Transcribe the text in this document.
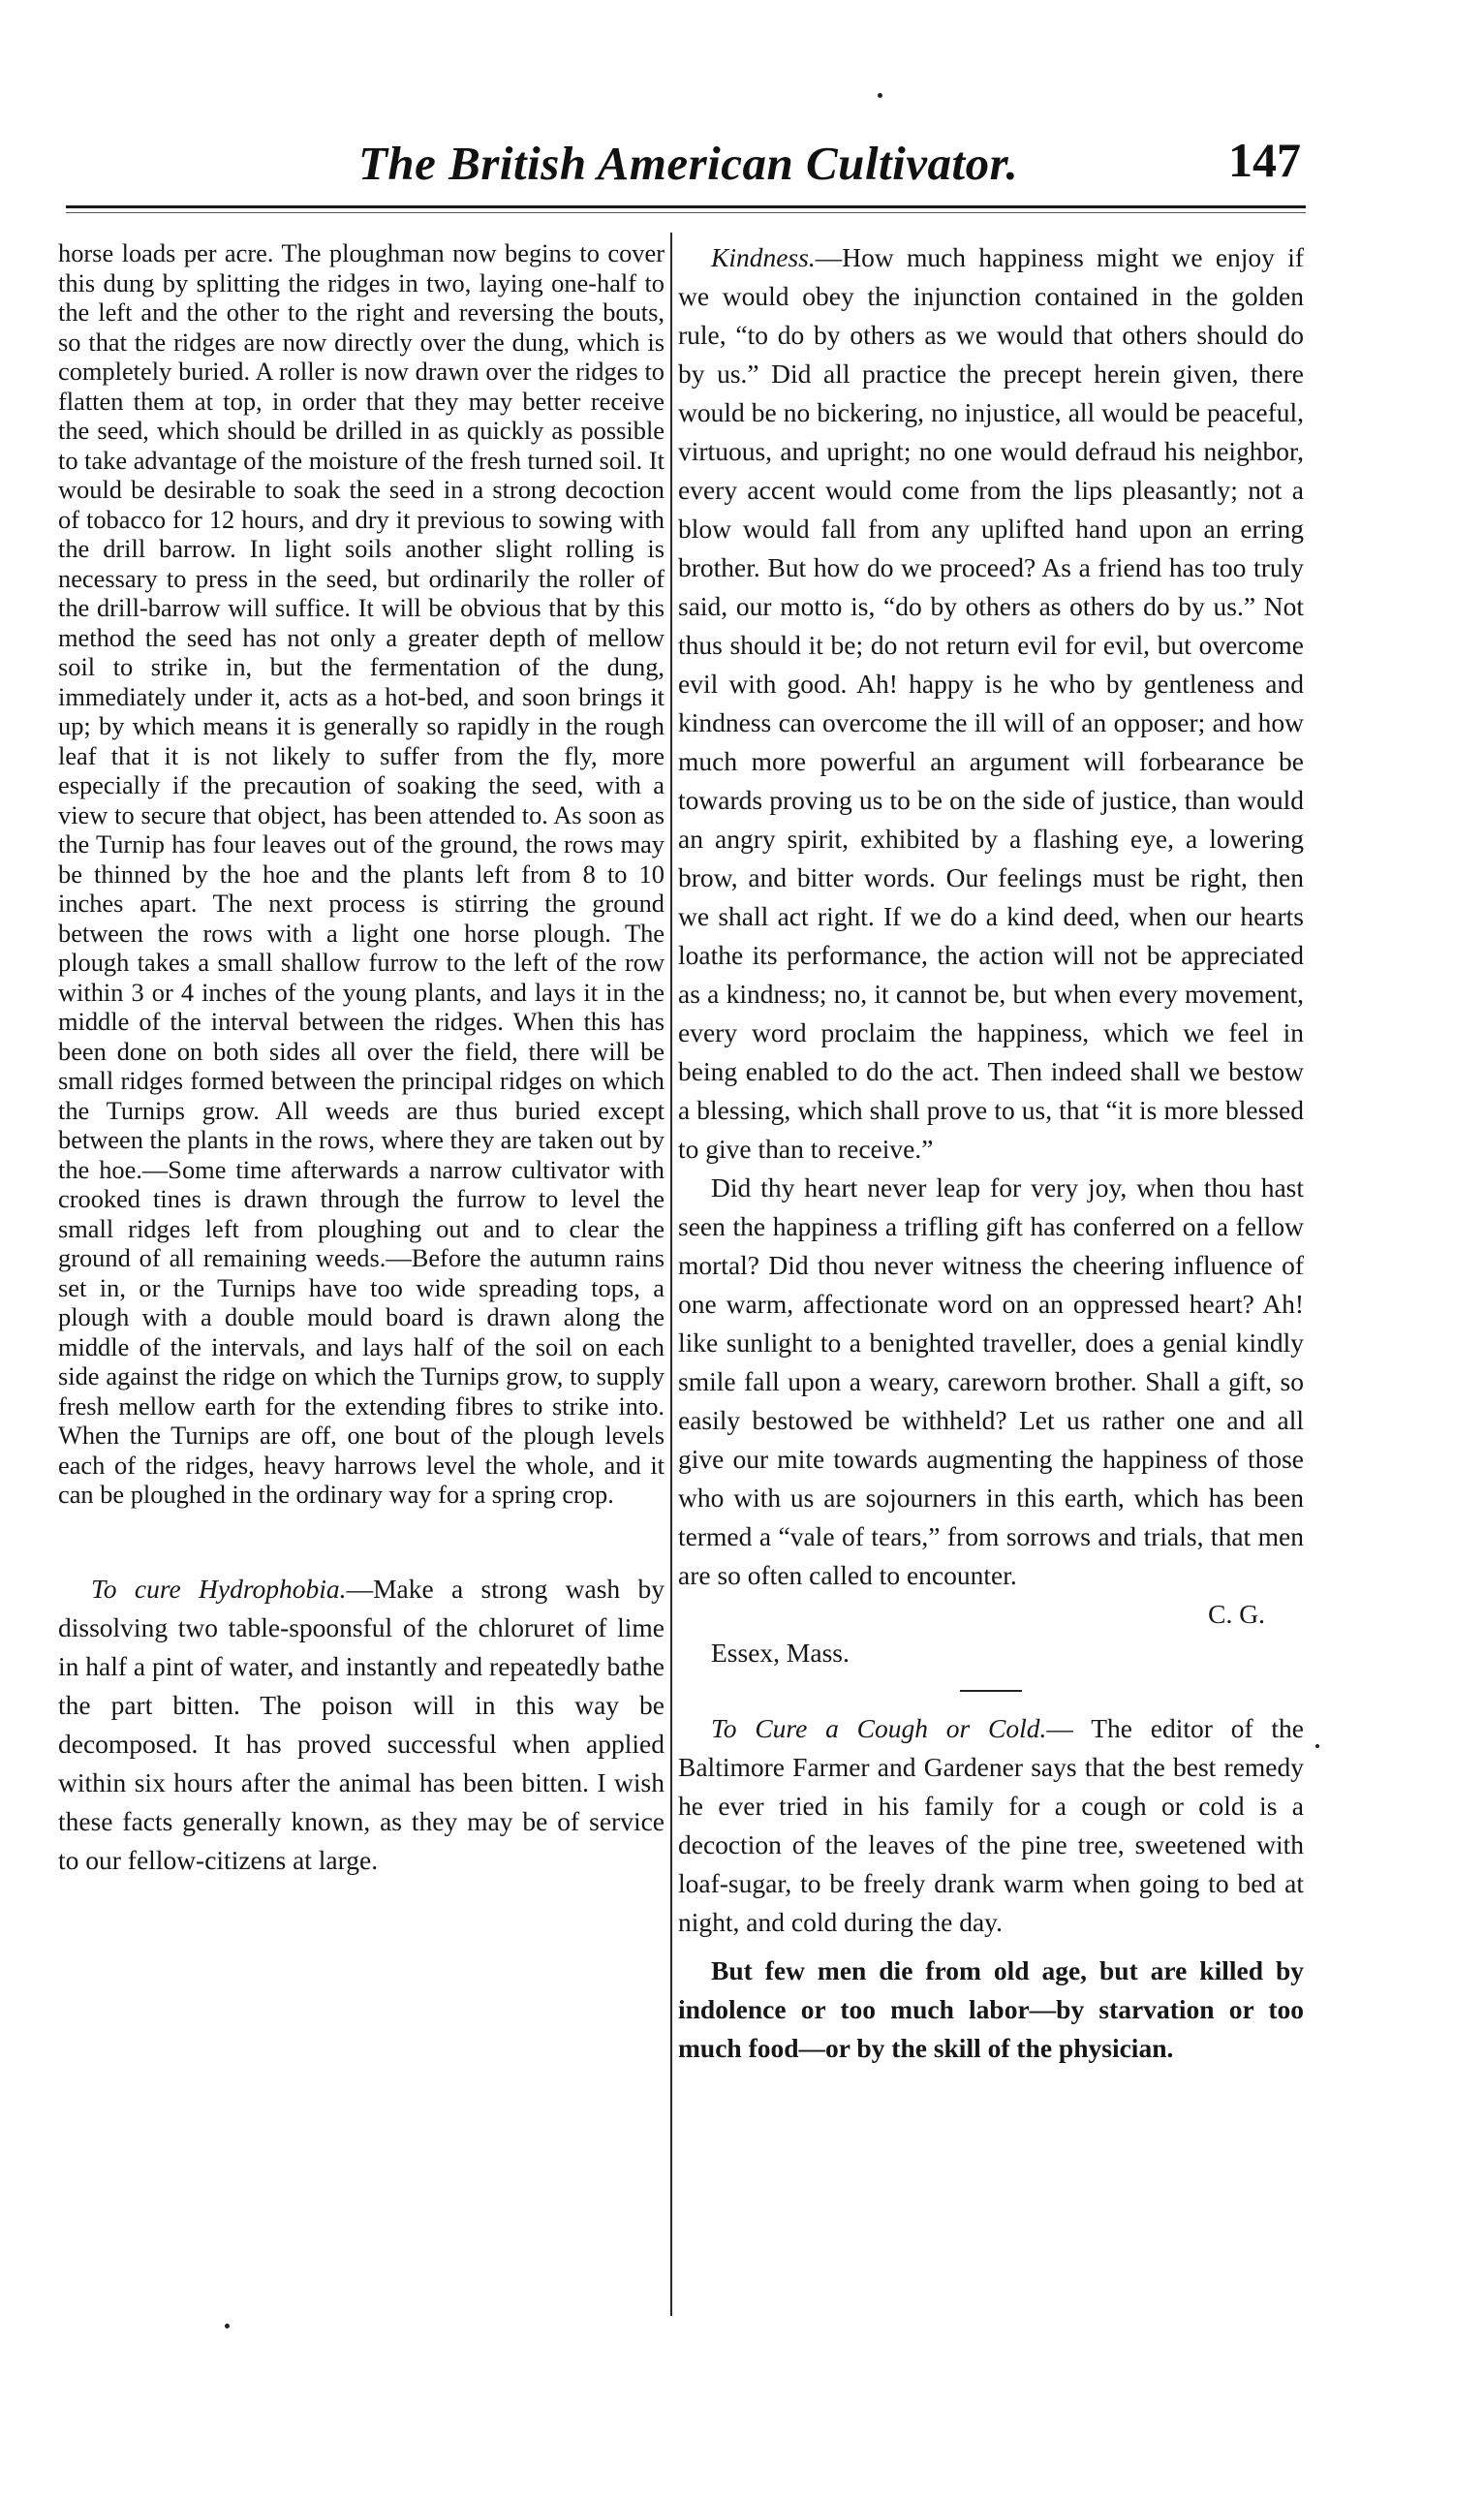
The British American Cultivator.	147

horse loads per acre. The ploughman now begins to cover this dung by splitting the ridges in two, laying one-half to the left and the other to the right and reversing the bouts, so that the ridges are now directly over the dung, which is completely buried. A roller is now drawn over the ridges to flatten them at top, in order that they may better receive the seed, which should be drilled in as quickly as possible to take advantage of the moisture of the fresh turned soil. It would be desirable to soak the seed in a strong decoction of tobacco for 12 hours, and dry it previous to sowing with the drill barrow. In light soils another slight rolling is necessary to press in the seed, but ordinarily the roller of the drill-barrow will suffice. It will be obvious that by this method the seed has not only a greater depth of mellow soil to strike in, but the fermentation of the dung, immediately under it, acts as a hot-bed, and soon brings it up; by which means it is generally so rapidly in the rough leaf that it is not likely to suffer from the fly, more especially if the precaution of soaking the seed, with a view to secure that object, has been attended to. As soon as the Turnip has four leaves out of the ground, the rows may be thinned by the hoe and the plants left from 8 to 10 inches apart. The next process is stirring the ground between the rows with a light one horse plough. The plough takes a small shallow furrow to the left of the row within 3 or 4 inches of the young plants, and lays it in the middle of the interval between the ridges. When this has been done on both sides all over the field, there will be small ridges formed between the principal ridges on which the Turnips grow. All weeds are thus buried except between the plants in the rows, where they are taken out by the hoe.—Some time afterwards a narrow cultivator with crooked tines is drawn through the furrow to level the small ridges left from ploughing out and to clear the ground of all remaining weeds.—Before the autumn rains set in, or the Turnips have too wide spreading tops, a plough with a double mould board is drawn along the middle of the intervals, and lays half of the soil on each side against the ridge on which the Turnips grow, to supply fresh mellow earth for the extending fibres to strike into. When the Turnips are off, one bout of the plough levels each of the ridges, heavy harrows level the whole, and it can be ploughed in the ordinary way for a spring crop.

To cure Hydrophobia.—Make a strong wash by dissolving two table-spoonsful of the chloruret of lime in half a pint of water, and instantly and repeatedly bathe the part bitten. The poison will in this way be decomposed. It has proved successful when applied within six hours after the animal has been bitten. I wish these facts generally known, as they may be of service to our fellow-citizens at large.

Kindness.—How much happiness might we enjoy if we would obey the injunction contained in the golden rule, “to do by others as we would that others should do by us.” Did all practice the precept herein given, there would be no bickering, no injustice, all would be peaceful, virtuous, and upright; no one would defraud his neighbor, every accent would come from the lips pleasantly; not a blow would fall from any uplifted hand upon an erring brother. But how do we proceed? As a friend has too truly said, our motto is, “do by others as others do by us.” Not thus should it be; do not return evil for evil, but overcome evil with good. Ah! happy is he who by gentleness and kindness can overcome the ill will of an opposer; and how much more powerful an argument will forbearance be towards proving us to be on the side of justice, than would an angry spirit, exhibited by a flashing eye, a lowering brow, and bitter words. Our feelings must be right, then we shall act right. If we do a kind deed, when our hearts loathe its performance, the action will not be appreciated as a kindness; no, it cannot be, but when every movement, every word proclaim the happiness, which we feel in being enabled to do the act. Then indeed shall we bestow a blessing, which shall prove to us, that “it is more blessed to give than to receive.”

Did thy heart never leap for very joy, when thou hast seen the happiness a trifling gift has conferred on a fellow mortal? Did thou never witness the cheering influence of one warm, affectionate word on an oppressed heart? Ah! like sunlight to a benighted traveller, does a genial kindly smile fall upon a weary, careworn brother. Shall a gift, so easily bestowed be withheld? Let us rather one and all give our mite towards augmenting the happiness of those who with us are sojourners in this earth, which has been termed a “vale of tears,” from sorrows and trials, that men are so often called to encounter.

C. G.

Essex, Mass.

To Cure a Cough or Cold.— The editor of the Baltimore Farmer and Gardener says that the best remedy he ever tried in his family for a cough or cold is a decoction of the leaves of the pine tree, sweetened with loaf-sugar, to be freely drank warm when going to bed at night, and cold during the day.

But few men die from old age, but are killed by indolence or too much labor—by starvation or too much food—or by the skill of the physician.
